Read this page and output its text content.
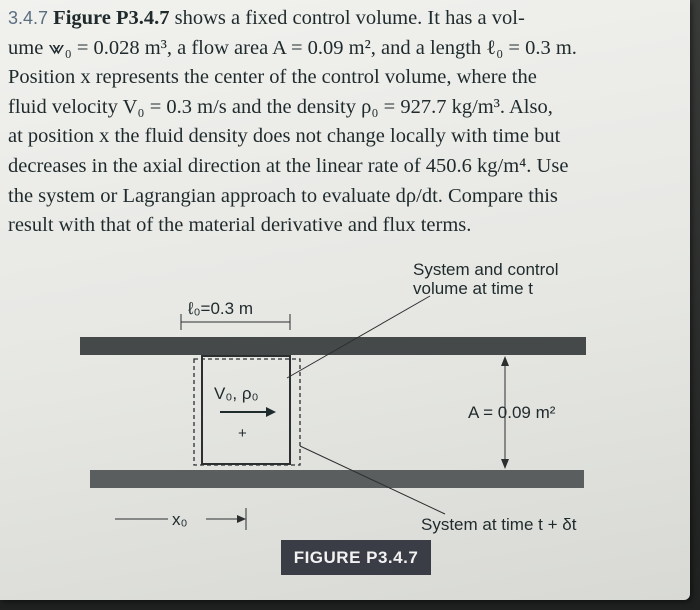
3.4.7 Figure P3.4.7 shows a fixed control volume. It has a vol-
ume ⩖₀ = 0.028 m³, a flow area A = 0.09 m², and a length ℓ₀ = 0.3 m.
Position x represents the center of the control volume, where the
fluid velocity V₀ = 0.3 m/s and the density ρ₀ = 927.7 kg/m³. Also,
at position x the fluid density does not change locally with time but
decreases in the axial direction at the linear rate of 450.6 kg/m⁴. Use
the system or Lagrangian approach to evaluate dρ/dt. Compare this
result with that of the material derivative and flux terms.
System and control
volume at time t
ℓ₀=0.3 m
V₀, ρ₀
+
A = 0.09 m²
x₀	System at time t + δt
FIGURE P3.4.7
